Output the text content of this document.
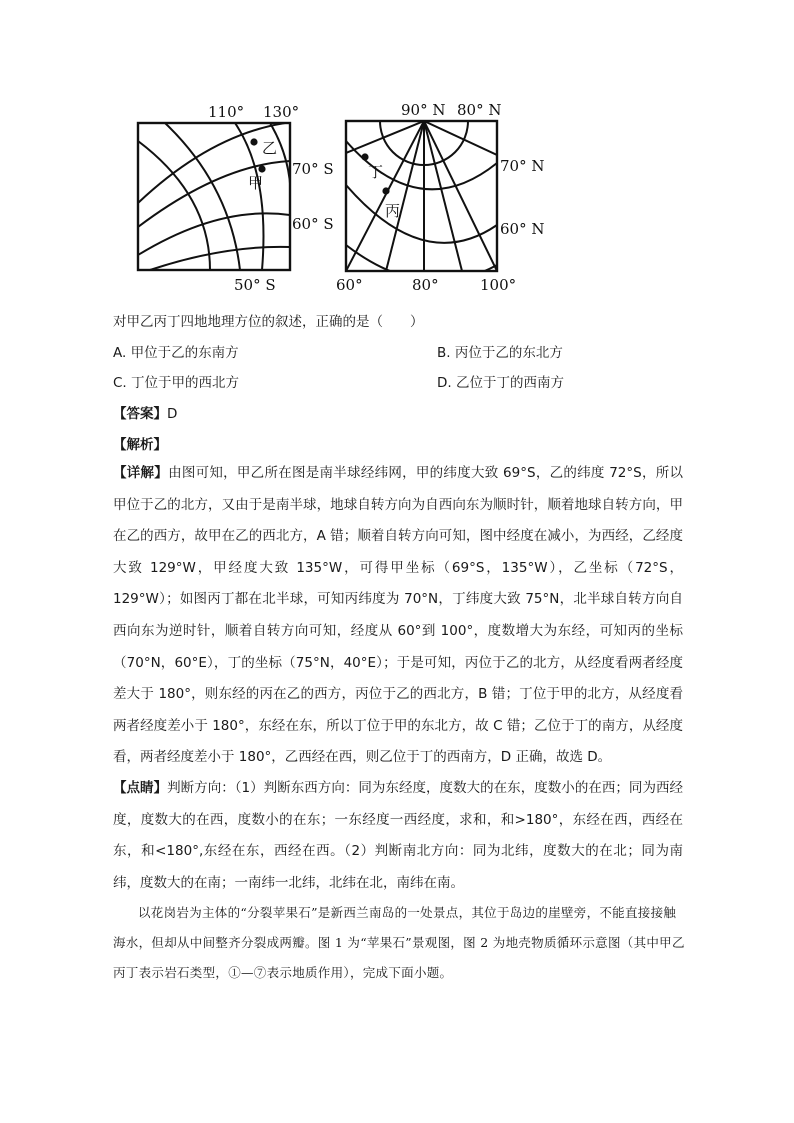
乙
甲
110° 130°
70° S
60° S
50° S
丁
丙
90° N 80° N
70° N
60° N
60°	80°	100°
对甲乙丙丁四地地理方位的叙述，正确的是（　　）
A. 甲位于乙的东南方	B. 丙位于乙的东北方
C. 丁位于甲的西北方	D. 乙位于丁的西南方
【答案】D
【解析】
【详解】由图可知，甲乙所在图是南半球经纬网，甲的纬度大致 69°S，乙的纬度 72°S，所以甲位于乙的北方，又由于是南半球，地球自转方向为自西向东为顺时针，顺着地球自转方向，甲在乙的西方，故甲在乙的西北方，A 错；顺着自转方向可知，图中经度在减小，为西经，乙经度大致 129°W，甲经度大致 135°W，可得甲坐标（69°S，135°W），乙坐标（72°S，129°W）；如图丙丁都在北半球，可知丙纬度为 70°N，丁纬度大致 75°N，北半球自转方向自西向东为逆时针，顺着自转方向可知，经度从 60°到 100°，度数增大为东经，可知丙的坐标（70°N，60°E），丁的坐标（75°N，40°E）；于是可知，丙位于乙的北方，从经度看两者经度差大于 180°，则东经的丙在乙的西方，丙位于乙的西北方，B 错；丁位于甲的北方，从经度看两者经度差小于 180°，东经在东，所以丁位于甲的东北方，故 C 错；乙位于丁的南方，从经度看，两者经度差小于 180°，乙西经在西，则乙位于丁的西南方，D 正确，故选 D。
【点睛】判断方向：（1）判断东西方向：同为东经度，度数大的在东，度数小的在西；同为西经度，度数大的在西，度数小的在东；一东经度一西经度，求和，和>180°，东经在西，西经在东，和<180°,东经在东，西经在西。（2）判断南北方向：同为北纬，度数大的在北；同为南纬，度数大的在南；一南纬一北纬，北纬在北，南纬在南。
以花岗岩为主体的“分裂苹果石”是新西兰南岛的一处景点，其位于岛边的崖壁旁，不能直接接触海水，但却从中间整齐分裂成两瓣。图 1 为“苹果石”景观图，图 2 为地壳物质循环示意图（其中甲乙丙丁表示岩石类型，①—⑦表示地质作用），完成下面小题。
